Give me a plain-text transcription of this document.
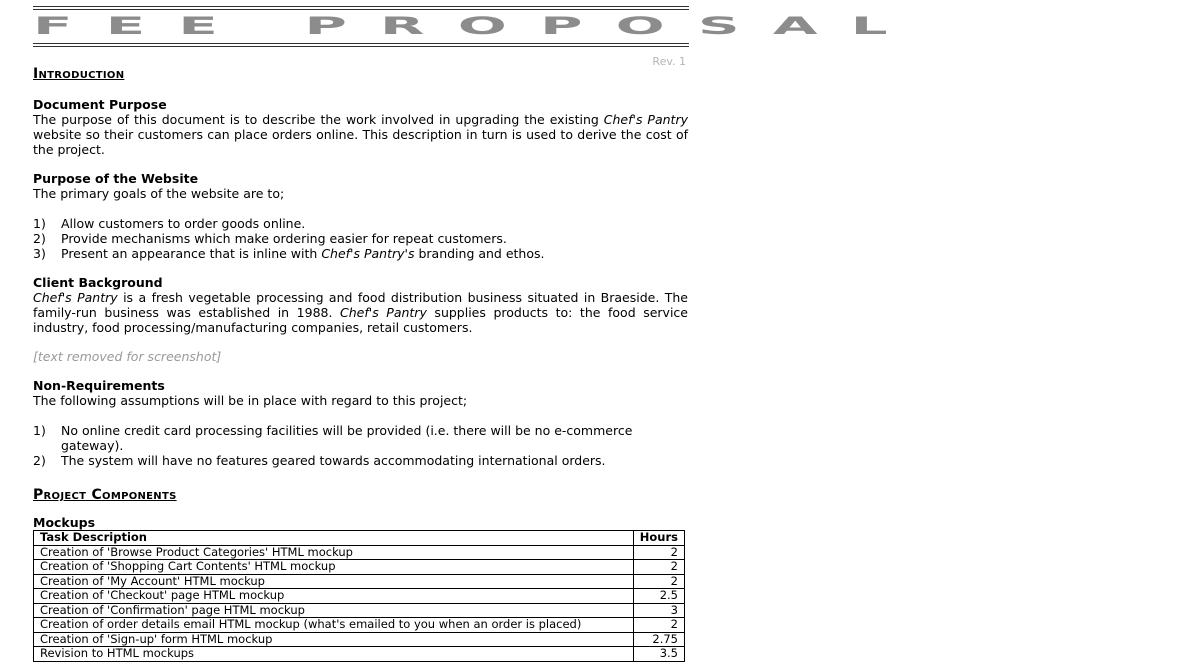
FEE PROPOSAL
Rev. 1
Introduction
Document Purpose

The purpose of this document is to describe the work involved in upgrading the existing Chef's Pantry website so their customers can place orders online. This description in turn is used to derive the cost of the project.

Purpose of the Website

The primary goals of the website are to;

1)	Allow customers to order goods online.
2)	Provide mechanisms which make ordering easier for repeat customers.
3)	Present an appearance that is inline with Chef's Pantry's branding and ethos.
Client Background

Chef's Pantry is a fresh vegetable processing and food distribution business situated in Braeside. The family-run business was established in 1988. Chef's Pantry supplies products to: the food service industry, food processing/manufacturing companies, retail customers.

[text removed for screenshot]
Non-Requirements

The following assumptions will be in place with regard to this project;

1)	No online credit card processing facilities will be provided (i.e. there will be no e-commerce gateway).
2)	The system will have no features geared towards accommodating international orders.
Project Components
Mockups
Task Description	Hours
Creation of 'Browse Product Categories' HTML mockup	2
Creation of 'Shopping Cart Contents' HTML mockup	2
Creation of 'My Account' HTML mockup	2
Creation of 'Checkout' page HTML mockup	2.5
Creation of 'Confirmation' page HTML mockup	3
Creation of order details email HTML mockup (what's emailed to you when an order is placed)	2
Creation of 'Sign-up' form HTML mockup	2.75
Revision to HTML mockups	3.5
